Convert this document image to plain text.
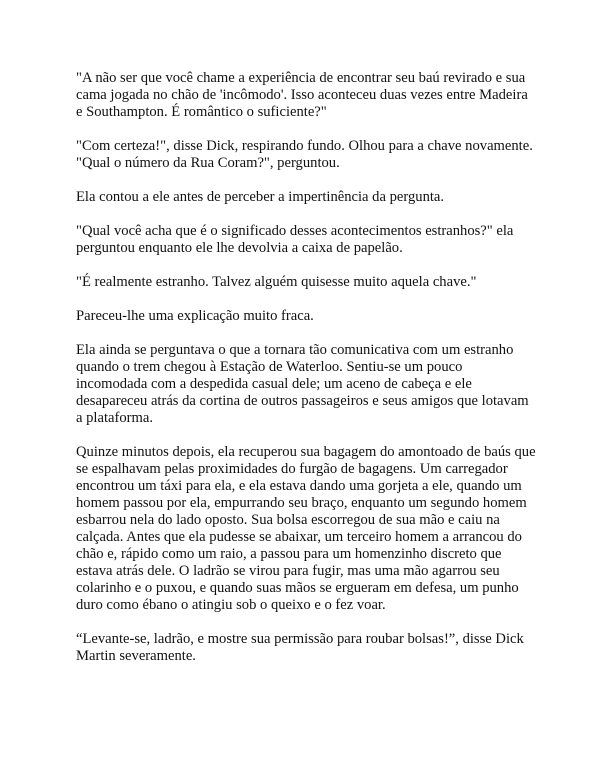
"A não ser que você chame a experiência de encontrar seu baú revirado e sua cama jogada no chão de 'incômodo'. Isso aconteceu duas vezes entre Madeira e Southampton. É romântico o suficiente?"

"Com certeza!", disse Dick, respirando fundo. Olhou para a chave novamente. "Qual o número da Rua Coram?", perguntou.

Ela contou a ele antes de perceber a impertinência da pergunta.

"Qual você acha que é o significado desses acontecimentos estranhos?" ela perguntou enquanto ele lhe devolvia a caixa de papelão.

"É realmente estranho. Talvez alguém quisesse muito aquela chave."

Pareceu-lhe uma explicação muito fraca.

Ela ainda se perguntava o que a tornara tão comunicativa com um estranho quando o trem chegou à Estação de Waterloo. Sentiu-se um pouco incomodada com a despedida casual dele; um aceno de cabeça e ele desapareceu atrás da cortina de outros passageiros e seus amigos que lotavam a plataforma.

Quinze minutos depois, ela recuperou sua bagagem do amontoado de baús que se espalhavam pelas proximidades do furgão de bagagens. Um carregador encontrou um táxi para ela, e ela estava dando uma gorjeta a ele, quando um homem passou por ela, empurrando seu braço, enquanto um segundo homem esbarrou nela do lado oposto. Sua bolsa escorregou de sua mão e caiu na calçada. Antes que ela pudesse se abaixar, um terceiro homem a arrancou do chão e, rápido como um raio, a passou para um homenzinho discreto que estava atrás dele. O ladrão se virou para fugir, mas uma mão agarrou seu colarinho e o puxou, e quando suas mãos se ergueram em defesa, um punho duro como ébano o atingiu sob o queixo e o fez voar.

“Levante-se, ladrão, e mostre sua permissão para roubar bolsas!”, disse Dick Martin severamente.
